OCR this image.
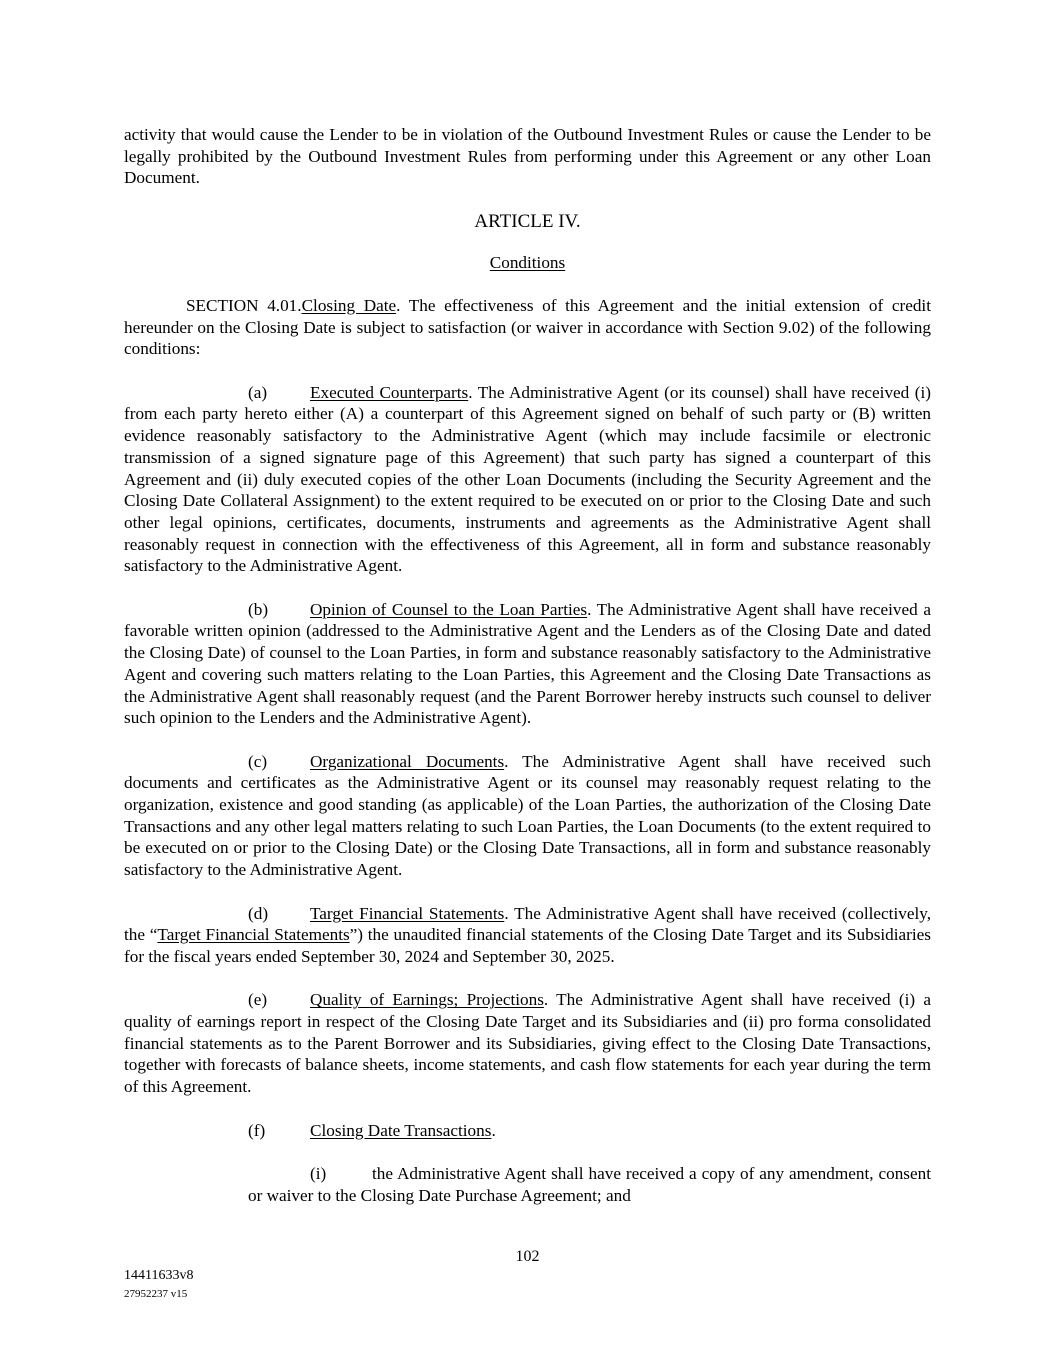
activity that would cause the Lender to be in violation of the Outbound Investment Rules or cause the Lender to be legally prohibited by the Outbound Investment Rules from performing under this Agreement or any other Loan Document.

ARTICLE IV.

Conditions

SECTION 4.01.Closing Date. The effectiveness of this Agreement and the initial extension of credit hereunder on the Closing Date is subject to satisfaction (or waiver in accordance with Section 9.02) of the following conditions:

(a) Executed Counterparts. The Administrative Agent (or its counsel) shall have received (i) from each party hereto either (A) a counterpart of this Agreement signed on behalf of such party or (B) written evidence reasonably satisfactory to the Administrative Agent (which may include facsimile or electronic transmission of a signed signature page of this Agreement) that such party has signed a counterpart of this Agreement and (ii) duly executed copies of the other Loan Documents (including the Security Agreement and the Closing Date Collateral Assignment) to the extent required to be executed on or prior to the Closing Date and such other legal opinions, certificates, documents, instruments and agreements as the Administrative Agent shall reasonably request in connection with the effectiveness of this Agreement, all in form and substance reasonably satisfactory to the Administrative Agent.

(b) Opinion of Counsel to the Loan Parties. The Administrative Agent shall have received a favorable written opinion (addressed to the Administrative Agent and the Lenders as of the Closing Date and dated the Closing Date) of counsel to the Loan Parties, in form and substance reasonably satisfactory to the Administrative Agent and covering such matters relating to the Loan Parties, this Agreement and the Closing Date Transactions as the Administrative Agent shall reasonably request (and the Parent Borrower hereby instructs such counsel to deliver such opinion to the Lenders and the Administrative Agent).

(c) Organizational Documents. The Administrative Agent shall have received such documents and certificates as the Administrative Agent or its counsel may reasonably request relating to the organization, existence and good standing (as applicable) of the Loan Parties, the authorization of the Closing Date Transactions and any other legal matters relating to such Loan Parties, the Loan Documents (to the extent required to be executed on or prior to the Closing Date) or the Closing Date Transactions, all in form and substance reasonably satisfactory to the Administrative Agent.

(d) Target Financial Statements. The Administrative Agent shall have received (collectively, the “Target Financial Statements”) the unaudited financial statements of the Closing Date Target and its Subsidiaries for the fiscal years ended September 30, 2024 and September 30, 2025.

(e) Quality of Earnings; Projections. The Administrative Agent shall have received (i) a quality of earnings report in respect of the Closing Date Target and its Subsidiaries and (ii) pro forma consolidated financial statements as to the Parent Borrower and its Subsidiaries, giving effect to the Closing Date Transactions, together with forecasts of balance sheets, income statements, and cash flow statements for each year during the term of this Agreement.

(f)	Closing Date Transactions.

(i)	the Administrative Agent shall have received a copy of any amendment, consent or waiver to the Closing Date Purchase Agreement; and

102
14411633v8
27952237 v15
